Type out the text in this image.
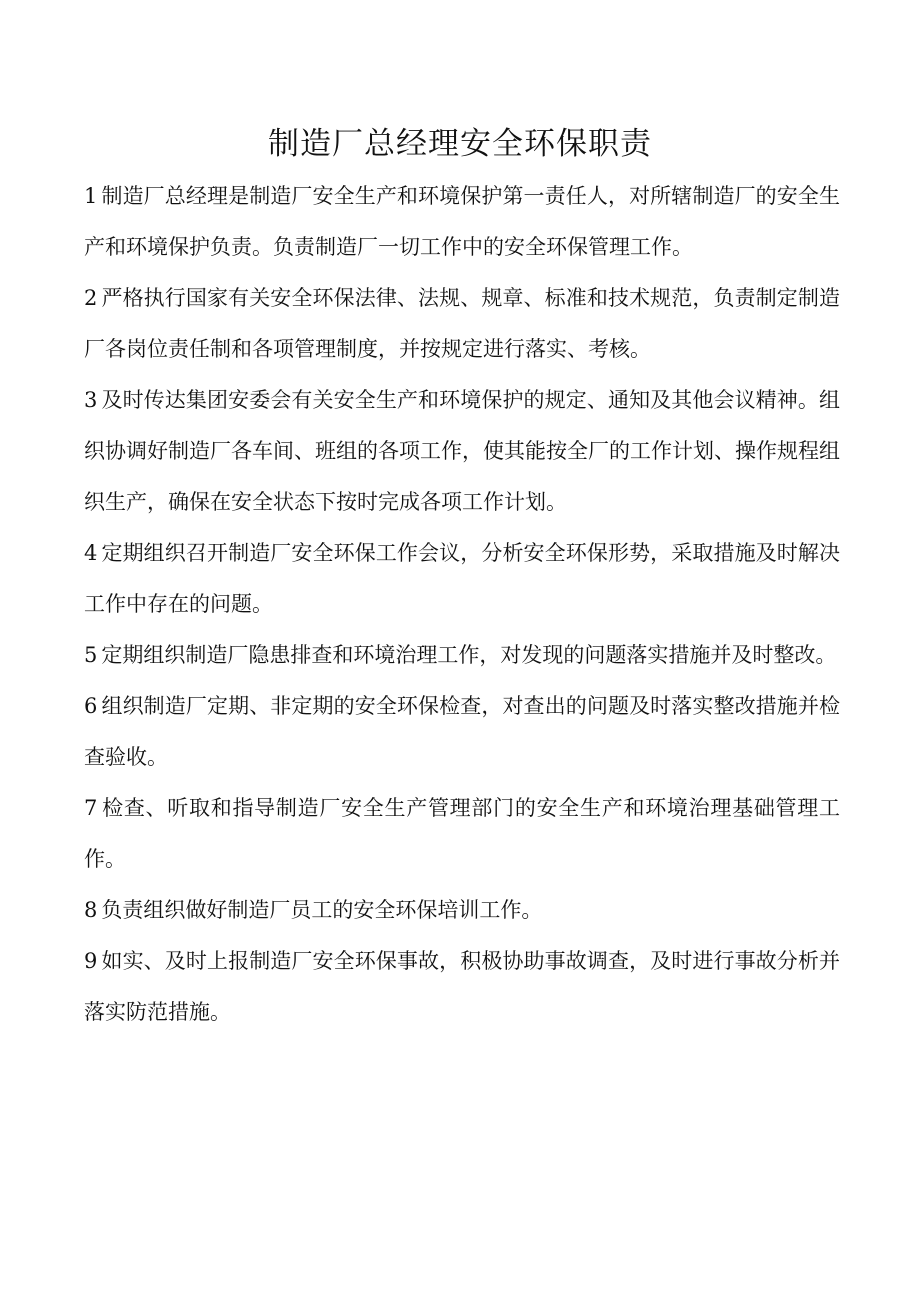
制造厂总经理安全环保职责
1 制造厂总经理是制造厂安全生产和环境保护第一责任人，对所辖制造厂的安全生产和环境保护负责。负责制造厂一切工作中的安全环保管理工作。
2 严格执行国家有关安全环保法律、法规、规章、标准和技术规范，负责制定制造厂各岗位责任制和各项管理制度，并按规定进行落实、考核。
3 及时传达集团安委会有关安全生产和环境保护的规定、通知及其他会议精神。组织协调好制造厂各车间、班组的各项工作，使其能按全厂的工作计划、操作规程组织生产，确保在安全状态下按时完成各项工作计划。
4 定期组织召开制造厂安全环保工作会议，分析安全环保形势，采取措施及时解决工作中存在的问题。
5 定期组织制造厂隐患排查和环境治理工作，对发现的问题落实措施并及时整改。
6 组织制造厂定期、非定期的安全环保检查，对查出的问题及时落实整改措施并检查验收。
7 检查、听取和指导制造厂安全生产管理部门的安全生产和环境治理基础管理工作。
8 负责组织做好制造厂员工的安全环保培训工作。
9 如实、及时上报制造厂安全环保事故，积极协助事故调查，及时进行事故分析并落实防范措施。
